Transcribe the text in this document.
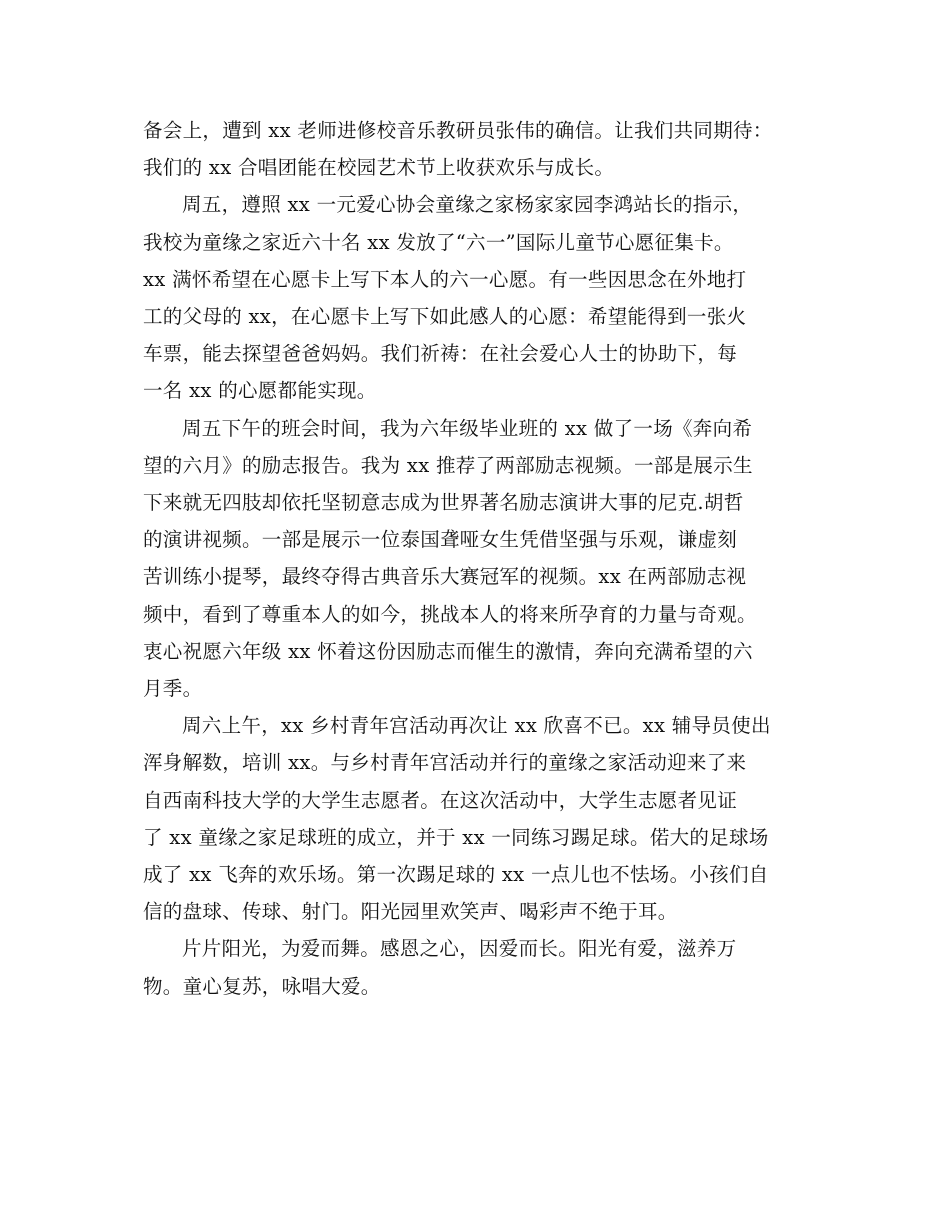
备会上，遭到 xx 老师进修校音乐教研员张伟的确信。让我们共同期待：
我们的 xx 合唱团能在校园艺术节上收获欢乐与成长。
周五，遵照 xx 一元爱心协会童缘之家杨家家园李鸿站长的指示，
我校为童缘之家近六十名 xx 发放了“六一”国际儿童节心愿征集卡。
xx 满怀希望在心愿卡上写下本人的六一心愿。有一些因思念在外地打
工的父母的 xx，在心愿卡上写下如此感人的心愿：希望能得到一张火
车票，能去探望爸爸妈妈。我们祈祷：在社会爱心人士的协助下，每
一名 xx 的心愿都能实现。
周五下午的班会时间，我为六年级毕业班的 xx 做了一场《奔向希
望的六月》的励志报告。我为 xx 推荐了两部励志视频。一部是展示生
下来就无四肢却依托坚韧意志成为世界著名励志演讲大事的尼克.胡哲
的演讲视频。一部是展示一位泰国聋哑女生凭借坚强与乐观，谦虚刻
苦训练小提琴，最终夺得古典音乐大赛冠军的视频。xx 在两部励志视
频中，看到了尊重本人的如今，挑战本人的将来所孕育的力量与奇观。
衷心祝愿六年级 xx 怀着这份因励志而催生的激情，奔向充满希望的六
月季。
周六上午，xx 乡村青年宫活动再次让 xx 欣喜不已。xx 辅导员使出
浑身解数，培训 xx。与乡村青年宫活动并行的童缘之家活动迎来了来
自西南科技大学的大学生志愿者。在这次活动中，大学生志愿者见证
了 xx 童缘之家足球班的成立，并于 xx 一同练习踢足球。偌大的足球场
成了 xx 飞奔的欢乐场。第一次踢足球的 xx 一点儿也不怯场。小孩们自
信的盘球、传球、射门。阳光园里欢笑声、喝彩声不绝于耳。
片片阳光，为爱而舞。感恩之心，因爱而长。阳光有爱，滋养万
物。童心复苏，咏唱大爱。
